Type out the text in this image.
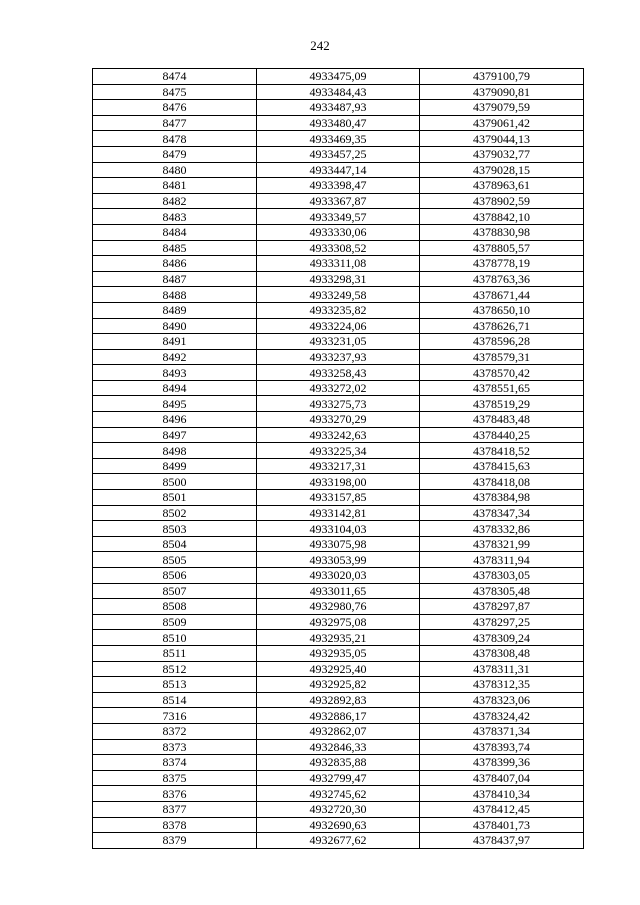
242
8474	4933475,09	4379100,79
8475	4933484,43	4379090,81
8476	4933487,93	4379079,59
8477	4933480,47	4379061,42
8478	4933469,35	4379044,13
8479	4933457,25	4379032,77
8480	4933447,14	4379028,15
8481	4933398,47	4378963,61
8482	4933367,87	4378902,59
8483	4933349,57	4378842,10
8484	4933330,06	4378830,98
8485	4933308,52	4378805,57
8486	4933311,08	4378778,19
8487	4933298,31	4378763,36
8488	4933249,58	4378671,44
8489	4933235,82	4378650,10
8490	4933224,06	4378626,71
8491	4933231,05	4378596,28
8492	4933237,93	4378579,31
8493	4933258,43	4378570,42
8494	4933272,02	4378551,65
8495	4933275,73	4378519,29
8496	4933270,29	4378483,48
8497	4933242,63	4378440,25
8498	4933225,34	4378418,52
8499	4933217,31	4378415,63
8500	4933198,00	4378418,08
8501	4933157,85	4378384,98
8502	4933142,81	4378347,34
8503	4933104,03	4378332,86
8504	4933075,98	4378321,99
8505	4933053,99	4378311,94
8506	4933020,03	4378303,05
8507	4933011,65	4378305,48
8508	4932980,76	4378297,87
8509	4932975,08	4378297,25
8510	4932935,21	4378309,24
8511	4932935,05	4378308,48
8512	4932925,40	4378311,31
8513	4932925,82	4378312,35
8514	4932892,83	4378323,06
7316	4932886,17	4378324,42
8372	4932862,07	4378371,34
8373	4932846,33	4378393,74
8374	4932835,88	4378399,36
8375	4932799,47	4378407,04
8376	4932745,62	4378410,34
8377	4932720,30	4378412,45
8378	4932690,63	4378401,73
8379	4932677,62	4378437,97
